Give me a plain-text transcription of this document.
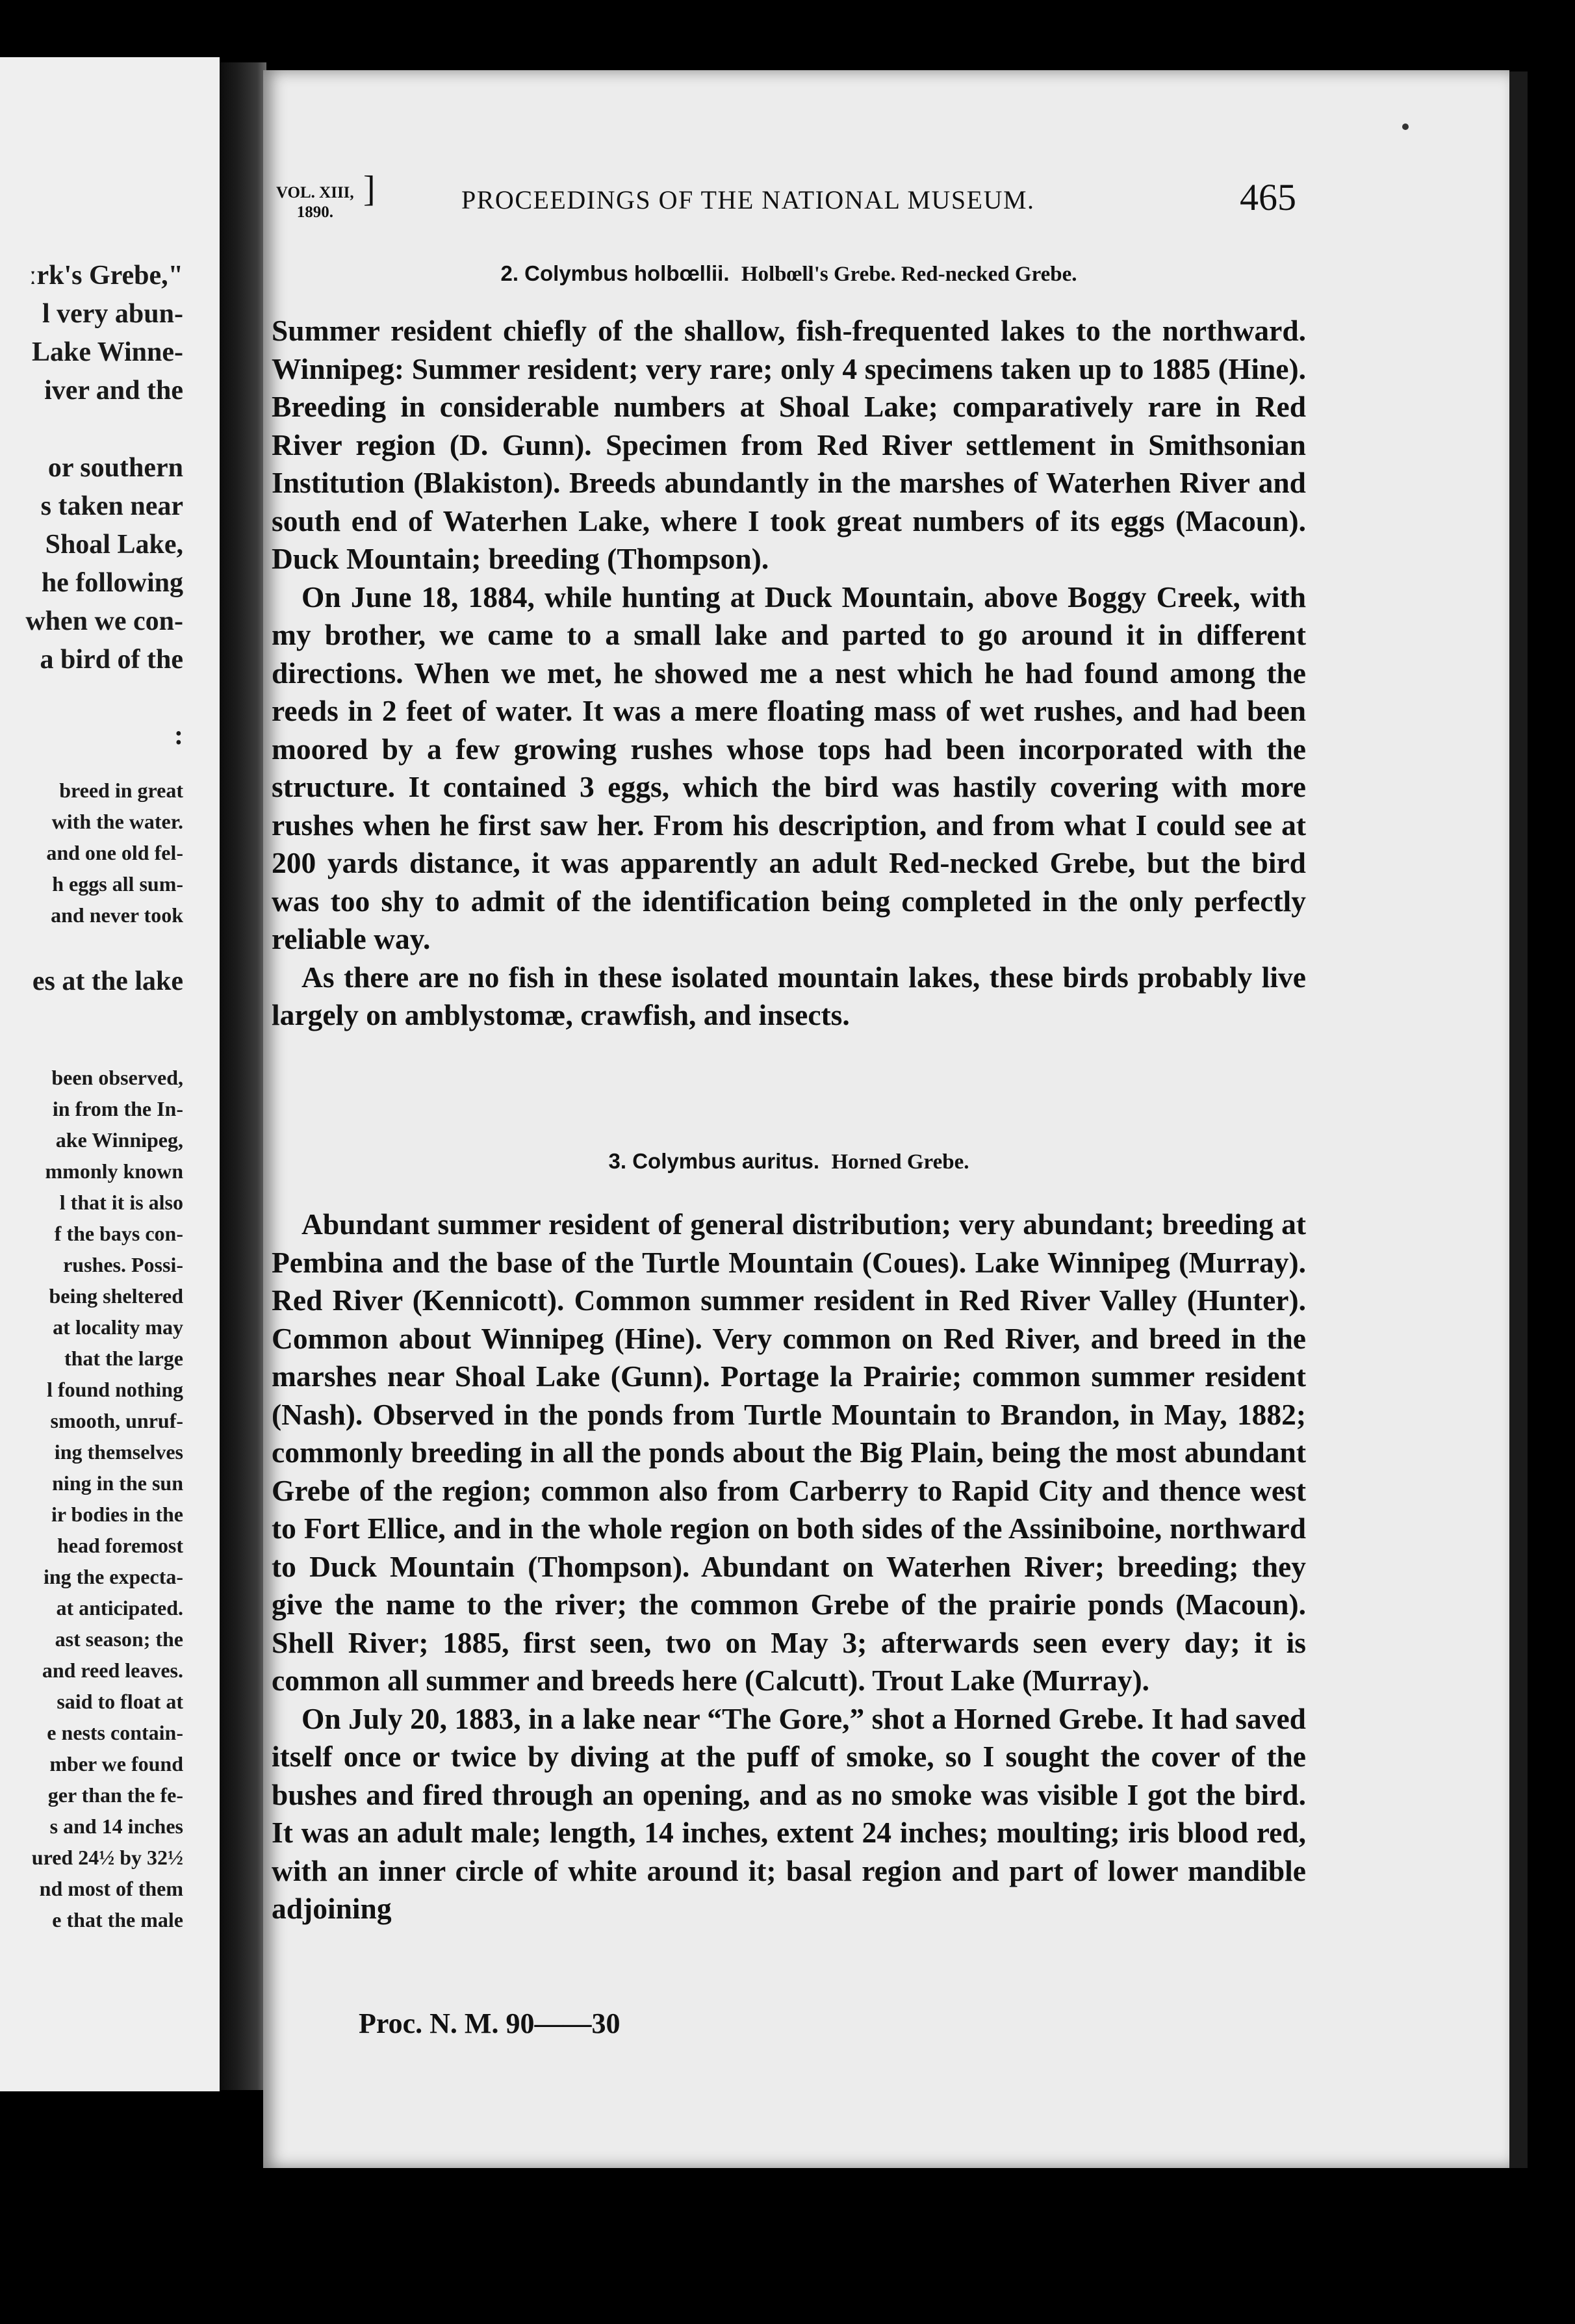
ːrk's Grebe,"
l very abun-
Lake Winne-
iver and the
or southern
s taken near
Shoal Lake,
he following
when we con-
a bird of the
:
breed in great
with the water.
and one old fel-
h eggs all sum-
and never took
es at the lake
been observed,
in from the In-
ake Winnipeg,
mmonly known
l that it is also
f the bays con-
rushes. Possi-
being sheltered
at locality may
that the large
l found nothing
smooth, unruf-
ing themselves
ning in the sun
ir bodies in the
head foremost
ing the expecta-
at anticipated.
ast season; the
and reed leaves.
said to float at
e nests contain-
mber we found
ger than the fe-
s and 14 inches
ured 24½ by 32½
nd most of them
e that the male
VOL. XIII,
1890.
]	PROCEEDINGS OF THE NATIONAL MUSEUM.	465
2. Colymbus holbœllii. Holbœll's Grebe. Red-necked Grebe.

Summer resident chiefly of the shallow, fish-frequented lakes to the northward. Winnipeg: Summer resident; very rare; only 4 specimens taken up to 1885 (Hine). Breeding in considerable numbers at Shoal Lake; comparatively rare in Red River region (D. Gunn). Specimen from Red River settlement in Smithsonian Institution (Blakiston). Breeds abundantly in the marshes of Waterhen River and south end of Waterhen Lake, where I took great numbers of its eggs (Macoun). Duck Mountain; breeding (Thompson).

On June 18, 1884, while hunting at Duck Mountain, above Boggy Creek, with my brother, we came to a small lake and parted to go around it in different directions. When we met, he showed me a nest which he had found among the reeds in 2 feet of water. It was a mere floating mass of wet rushes, and had been moored by a few growing rushes whose tops had been incorporated with the structure. It contained 3 eggs, which the bird was hastily covering with more rushes when he first saw her. From his description, and from what I could see at 200 yards distance, it was apparently an adult Red-necked Grebe, but the bird was too shy to admit of the identification being completed in the only perfectly reliable way.

As there are no fish in these isolated mountain lakes, these birds probably live largely on amblystomæ, crawfish, and insects.

3. Colymbus auritus. Horned Grebe.

Abundant summer resident of general distribution; very abundant; breeding at Pembina and the base of the Turtle Mountain (Coues). Lake Winnipeg (Murray). Red River (Kennicott). Common summer resident in Red River Valley (Hunter). Common about Winnipeg (Hine). Very common on Red River, and breed in the marshes near Shoal Lake (Gunn). Portage la Prairie; common summer resident (Nash). Observed in the ponds from Turtle Mountain to Brandon, in May, 1882; commonly breeding in all the ponds about the Big Plain, being the most abundant Grebe of the region; common also from Carberry to Rapid City and thence west to Fort Ellice, and in the whole region on both sides of the Assiniboine, northward to Duck Mountain (Thompson). Abundant on Waterhen River; breeding; they give the name to the river; the common Grebe of the prairie ponds (Macoun). Shell River; 1885, first seen, two on May 3; afterwards seen every day; it is common all summer and breeds here (Calcutt). Trout Lake (Murray).

On July 20, 1883, in a lake near “The Gore,” shot a Horned Grebe. It had saved itself once or twice by diving at the puff of smoke, so I sought the cover of the bushes and fired through an opening, and as no smoke was visible I got the bird. It was an adult male; length, 14 inches, extent 24 inches; moulting; iris blood red, with an inner circle of white around it; basal region and part of lower mandible adjoining

Proc. N. M. 90——30
